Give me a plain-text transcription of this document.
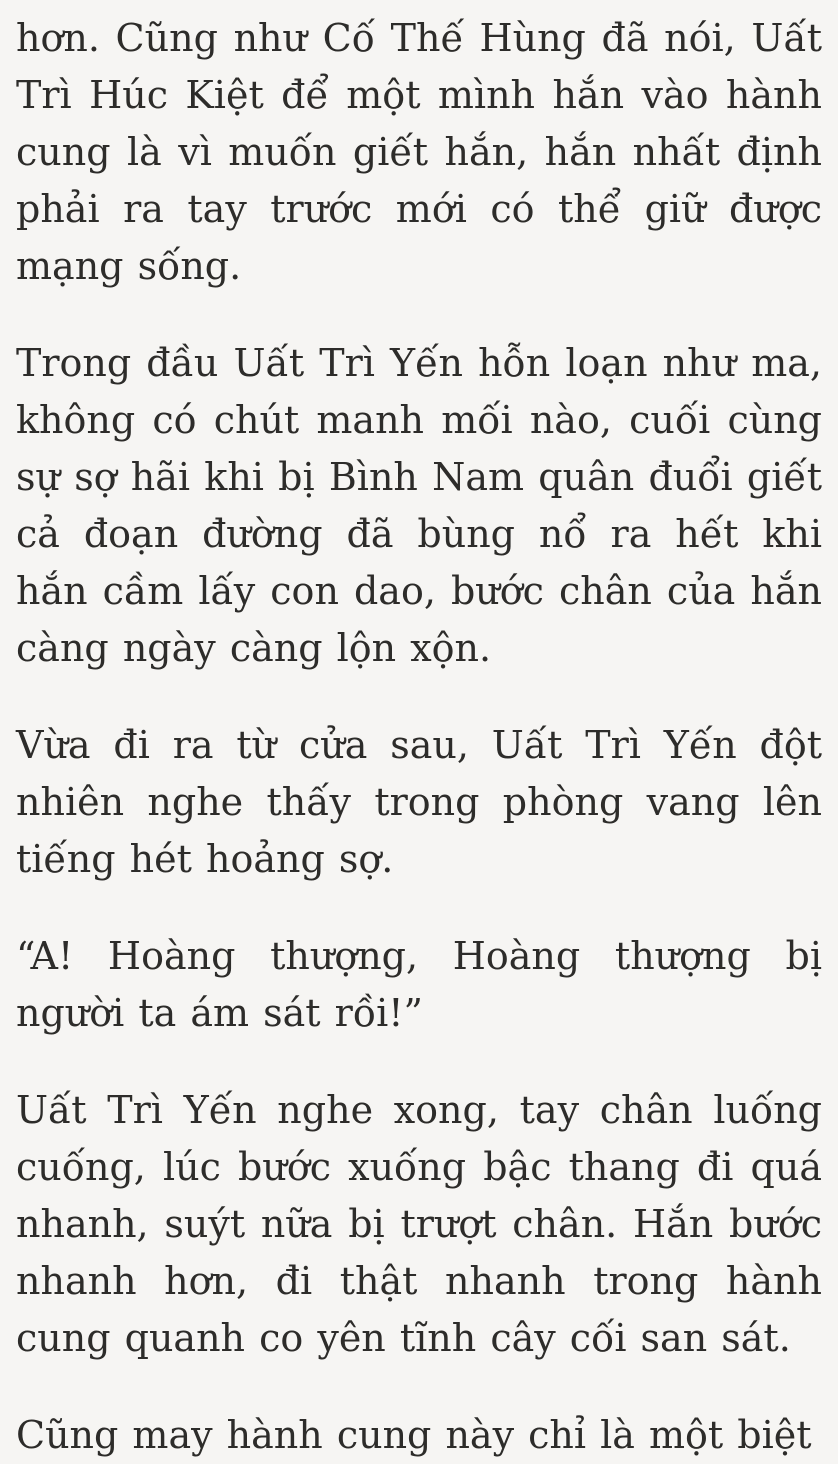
hơn. Cũng như Cố Thế Hùng đã nói, Uất Trì Húc Kiệt để một mình hắn vào hành cung là vì muốn giết hắn, hắn nhất định phải ra tay trước mới có thể giữ được mạng sống.

Trong đầu Uất Trì Yến hỗn loạn như ma, không có chút manh mối nào, cuối cùng sự sợ hãi khi bị Bình Nam quân đuổi giết cả đoạn đường đã bùng nổ ra hết khi hắn cầm lấy con dao, bước chân của hắn càng ngày càng lộn xộn.

Vừa đi ra từ cửa sau, Uất Trì Yến đột nhiên nghe thấy trong phòng vang lên tiếng hét hoảng sợ.

“A! Hoàng thượng, Hoàng thượng bị người ta ám sát rồi!”

Uất Trì Yến nghe xong, tay chân luống cuống, lúc bước xuống bậc thang đi quá nhanh, suýt nữa bị trượt chân. Hắn bước nhanh hơn, đi thật nhanh trong hành cung quanh co yên tĩnh cây cối san sát.

Cũng may hành cung này chỉ là một biệt
